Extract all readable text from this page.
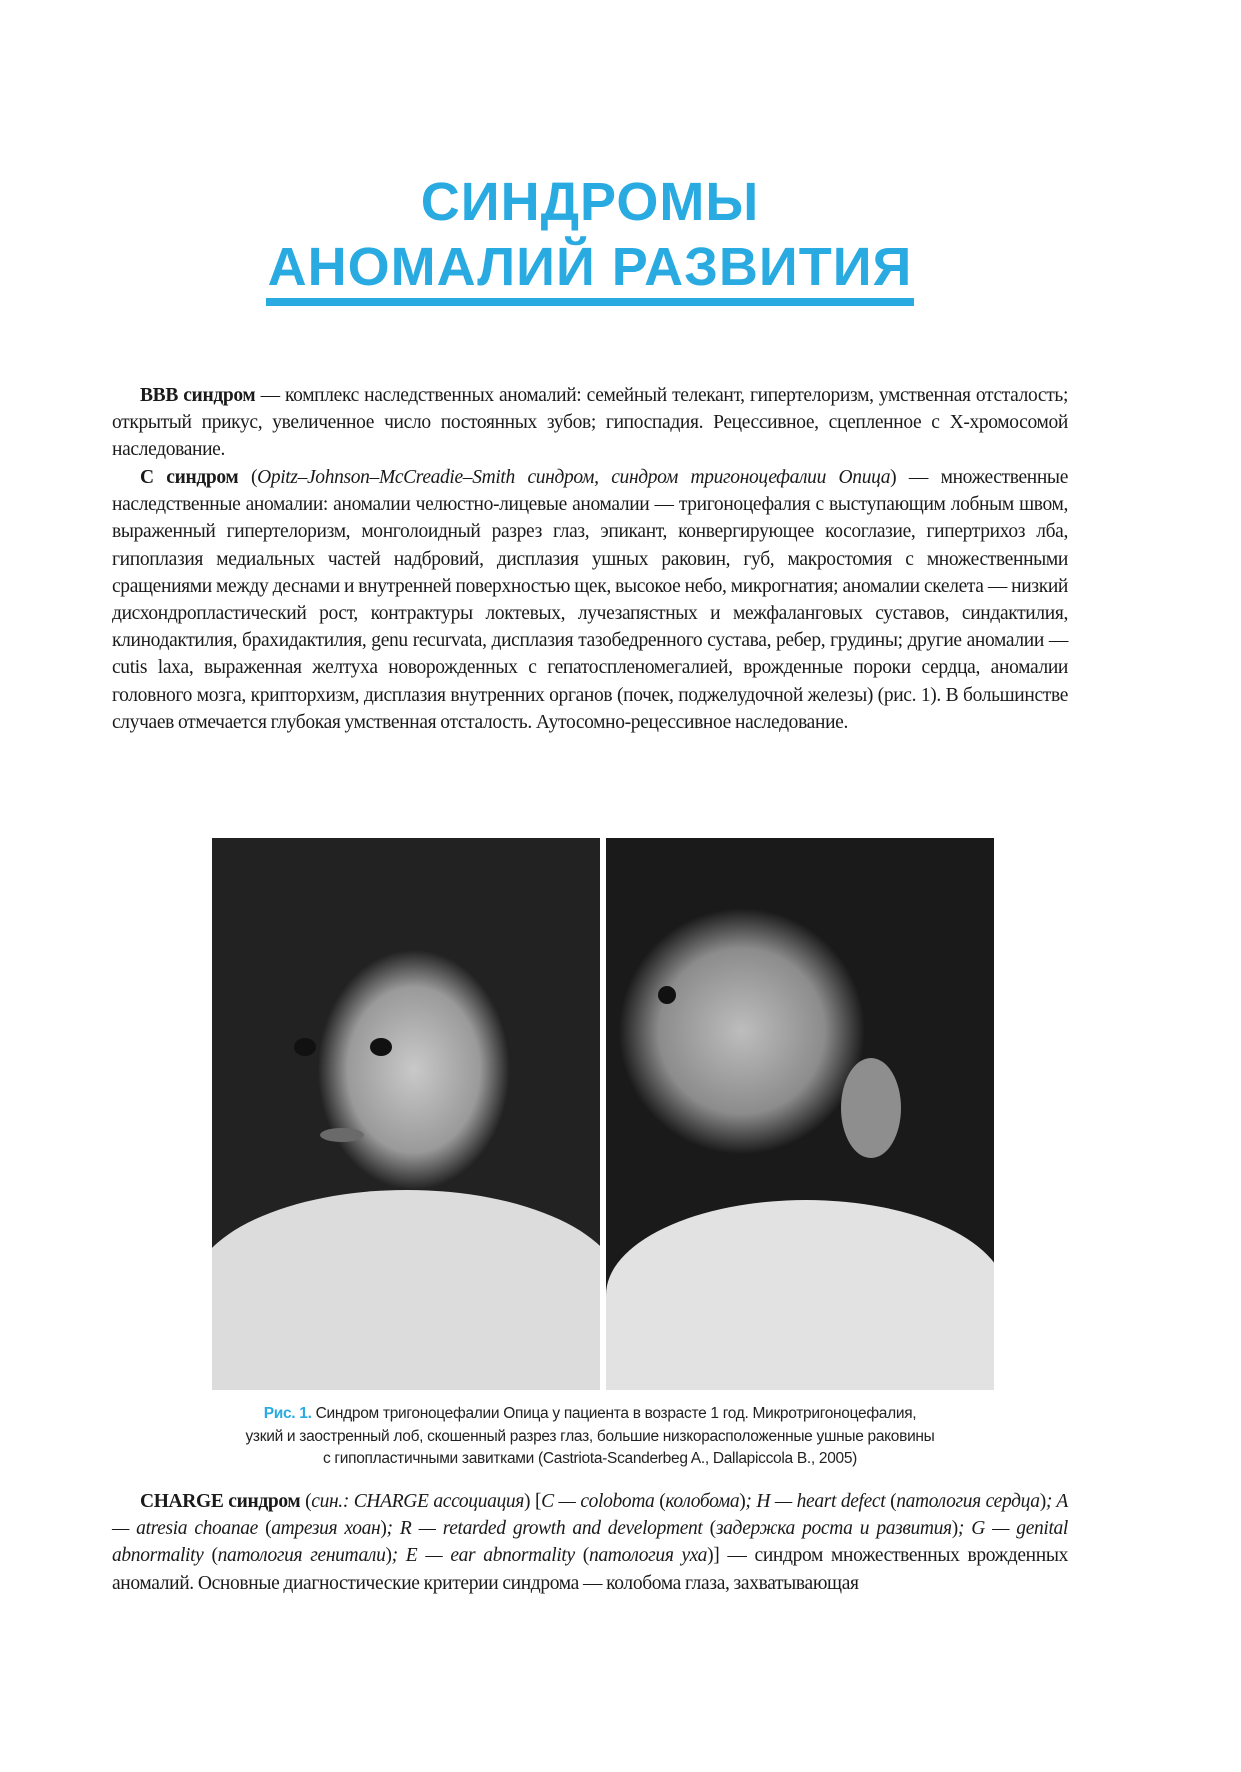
СИНДРОМЫ
АНОМАЛИЙ РАЗВИТИЯ

ВВВ синдром — комплекс наследственных аномалий: семейный телекант, гипертелоризм, умственная отсталость; открытый прикус, увеличенное число постоянных зубов; гипоспадия. Рецессивное, сцепленное с Х-хромосомой наследование.

С синдром (Opitz–Johnson–McCreadie–Smith синдром, синдром тригоноцефалии Опица) — множественные наследственные аномалии: аномалии челюстно-лицевые аномалии — тригоноцефалия с выступающим лобным швом, выраженный гипертелоризм, монголоидный разрез глаз, эпикант, конвергирующее косоглазие, гипертрихоз лба, гипоплазия медиальных частей надбровий, дисплазия ушных раковин, губ, макростомия с множественными сращениями между деснами и внутренней поверхностью щек, высокое небо, микрогнатия; аномалии скелета — низкий дисхондропластический рост, контрактуры локтевых, лучезапястных и межфаланговых суставов, синдактилия, клинодактилия, брахидактилия, genu recurvata, дисплазия тазобедренного сустава, ребер, грудины; другие аномалии — cutis laxa, выраженная желтуха новорожденных с гепатоспленомегалией, врожденные пороки сердца, аномалии головного мозга, крипторхизм, дисплазия внутренних органов (почек, поджелудочной железы) (рис. 1). В большинстве случаев отмечается глубокая умственная отсталость. Аутосомно-рецессивное наследование.

Рис. 1. Синдром тригоноцефалии Опица у пациента в возрасте 1 год. Микротригоноцефалия,
узкий и заостренный лоб, скошенный разрез глаз, большие низкорасположенные ушные раковины
с гипопластичными завитками (Castriota-Scanderbeg A., Dallapiccola B., 2005)

CHARGE синдром (син.: CHARGE ассоциация) [C — coloboma (колобома); H — heart defect (патология сердца); A — atresia choanae (атрезия хоан); R — retarded growth and development (задержка роста и развития); G — genital abnormality (патология генитали); E — ear abnormality (патология уха)] — синдром множественных врожденных аномалий. Основные диагностические критерии синдрома — колобома глаза, захватывающая
